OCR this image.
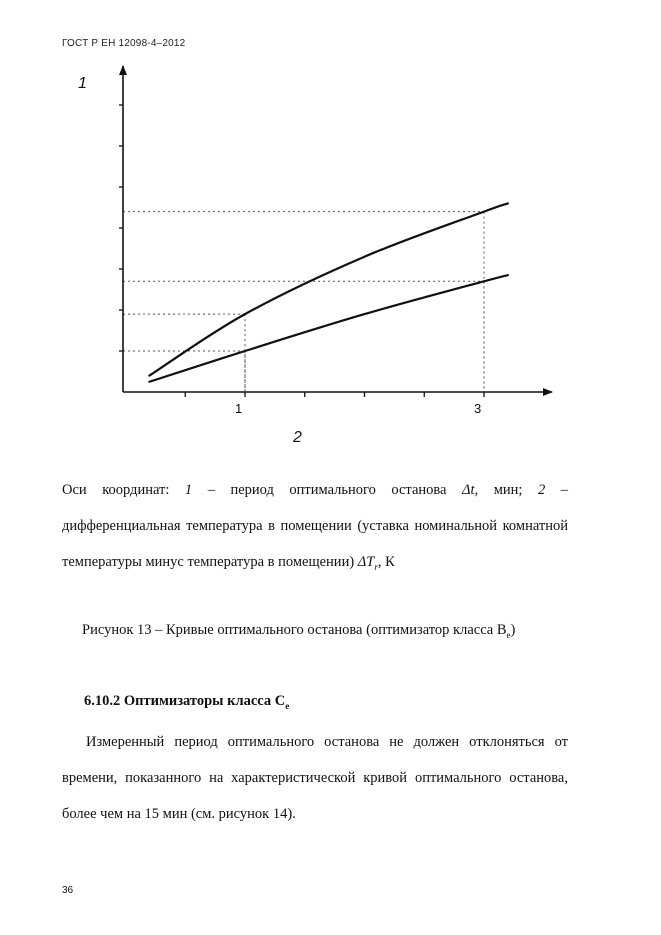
ГОСТ Р ЕН 12098-4–2012
1
2
1	3
Оси координат: 1 – период оптимального останова Δt, мин; 2 – дифференциальная температура в помещении (уставка номинальной комнатной температуры минус температура в помещении) $\Delta T_r$, К
Рисунок 13 – Кривые оптимального останова (оптимизатор класса $B_e$)
6.10.2 Оптимизаторы класса $C_e$
Измеренный период оптимального останова не должен отклоняться от времени, показанного на характеристической кривой оптимального останова, более чем на 15 мин (см. рисунок 14).
36
